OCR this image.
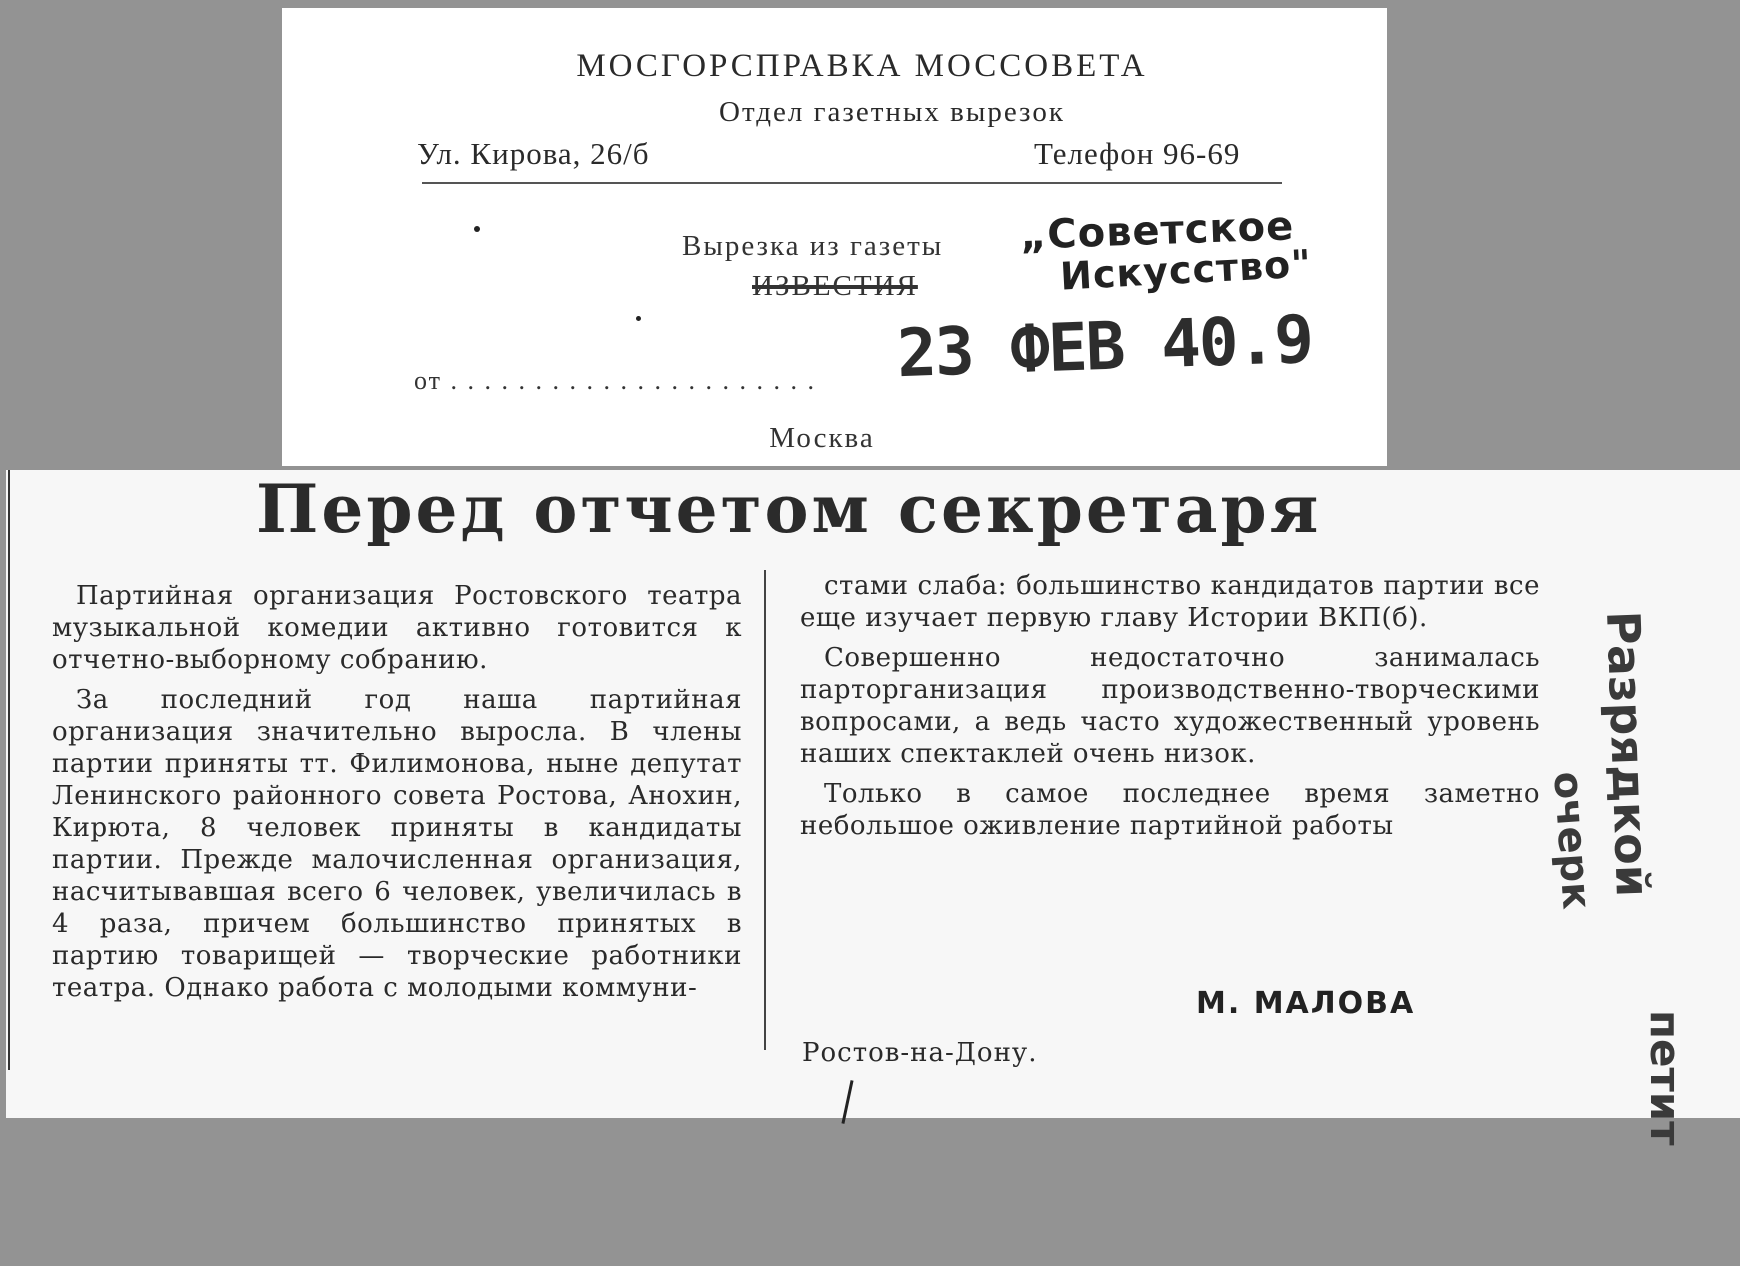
МОСГОРСПРАВКА МОССОВЕТА
Отдел газетных вырезок
Ул. Кирова, 26/б	Телефон 96-69
Вырезка из газеты
ИЗВЕСТИЯ
„Советское
Искусство"
23 ФЕВ 40.9
от . . . . . . . . . . . . . . . . . . . . . .
Москва
Перед отчетом секретаря

Партийная организация Ростовского театра музыкальной комедии активно готовится к отчетно-выборному собранию.

За последний год наша партийная организация значительно выросла. В члены партии приняты тт. Филимонова, ныне депутат Ленинского районного совета Ростова, Анохин, Кирюта, 8 человек приняты в кандидаты партии. Прежде малочисленная организация, насчитывавшая всего 6 человек, увеличилась в 4 раза, причем большинство принятых в партию товарищей — творческие работники театра. Однако работа с молодыми коммуни-

стами слаба: большинство кандидатов партии все еще изучает первую главу Истории ВКП(б).

Совершенно недостаточно занималась парторганизация производственно-творческими вопросами, а ведь часто художественный уровень наших спектаклей очень низок.

Только в самое последнее время заметно небольшое оживление партийной работы

М. МАЛОВА
Ростов-на-Дону.
Разрядкой
очерк
петит
